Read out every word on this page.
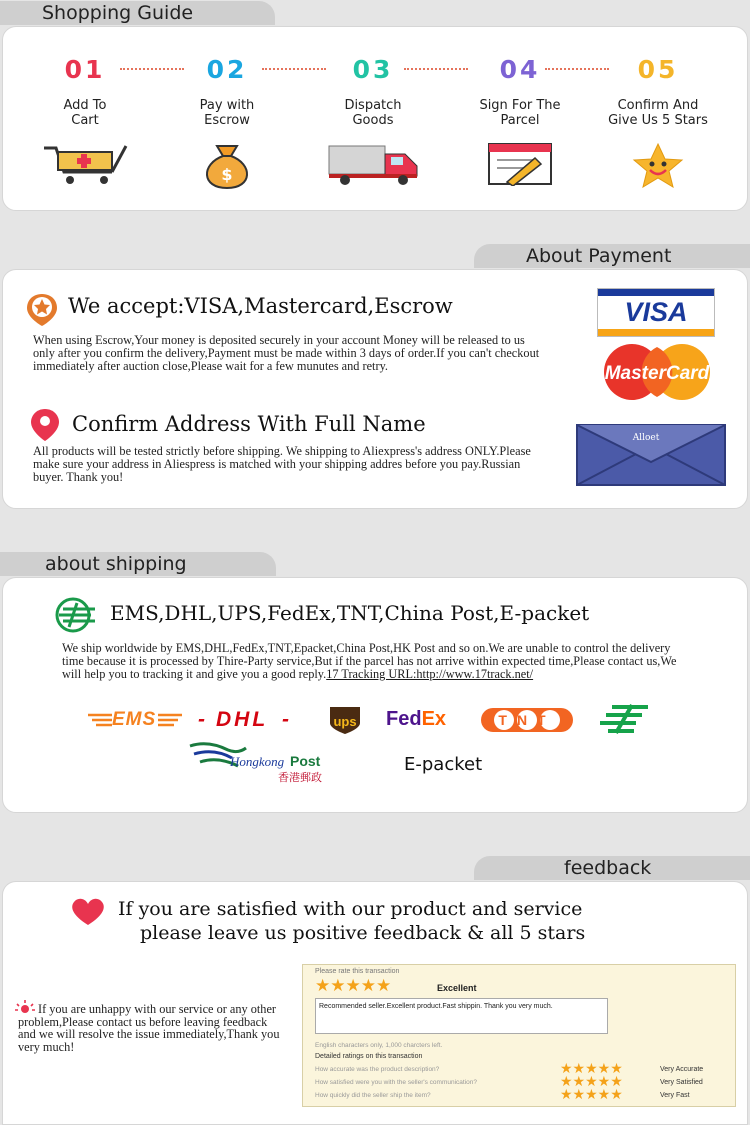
Shopping Guide
01
Add To
Cart
02
Pay with
Escrow
$
03
Dispatch
Goods
04
Sign For The
Parcel
05
Confirm And
Give Us 5 Stars
About Payment
We accept:VISA,Mastercard,Escrow
When using Escrow,Your money is deposited securely in your account Money will be released to us only after you confirm the delivery,Payment must be made within 3 days of order.If you can't checkout immediately after auction close,Please wait for a few munutes and retry.
Confirm Address With Full Name
All products will be tested strictly before shipping. We shipping to Aliexpress's address ONLY.Please make sure your address in Aliespress is matched with your shipping addres before you pay.Russian buyer. Thank you!
VISA
MasterCard
Alloet
about shipping
EMS,DHL,UPS,FedEx,TNT,China Post,E-packet
We ship worldwide by EMS,DHL,FedEx,TNT,Epacket,China Post,HK Post and so on.We are unable to control the delivery time because it is processed by Thire-Party service,But if the parcel has not arrive within expected time,Please contact us,We will help you to tracking it and give you a good reply.17 Tracking URL:http://www.17track.net/
EMS - DHL -	ups FedEx	TNT
Hongkong Post
香港郵政
E-packet
feedback
If you are satisfied with our product and service
please leave us positive feedback & all 5 stars
If you are unhappy with our service or any other problem,Please contact us before leaving feedback and we will resolve the issue immediately,Thank you very much!
Please rate this transaction
★★★★★	Excellent
Recommended seller.Excellent product.Fast shippin. Thank you very much.
English characters only, 1,000 charcters left.
Detailed ratings on this transaction
How accurate was the product description?	★★★★★	Very Accurate
How satisfied were you with the seller's communication?	★★★★★	Very Satisfied
How quickly did the seller ship the item?	★★★★★	Very Fast
